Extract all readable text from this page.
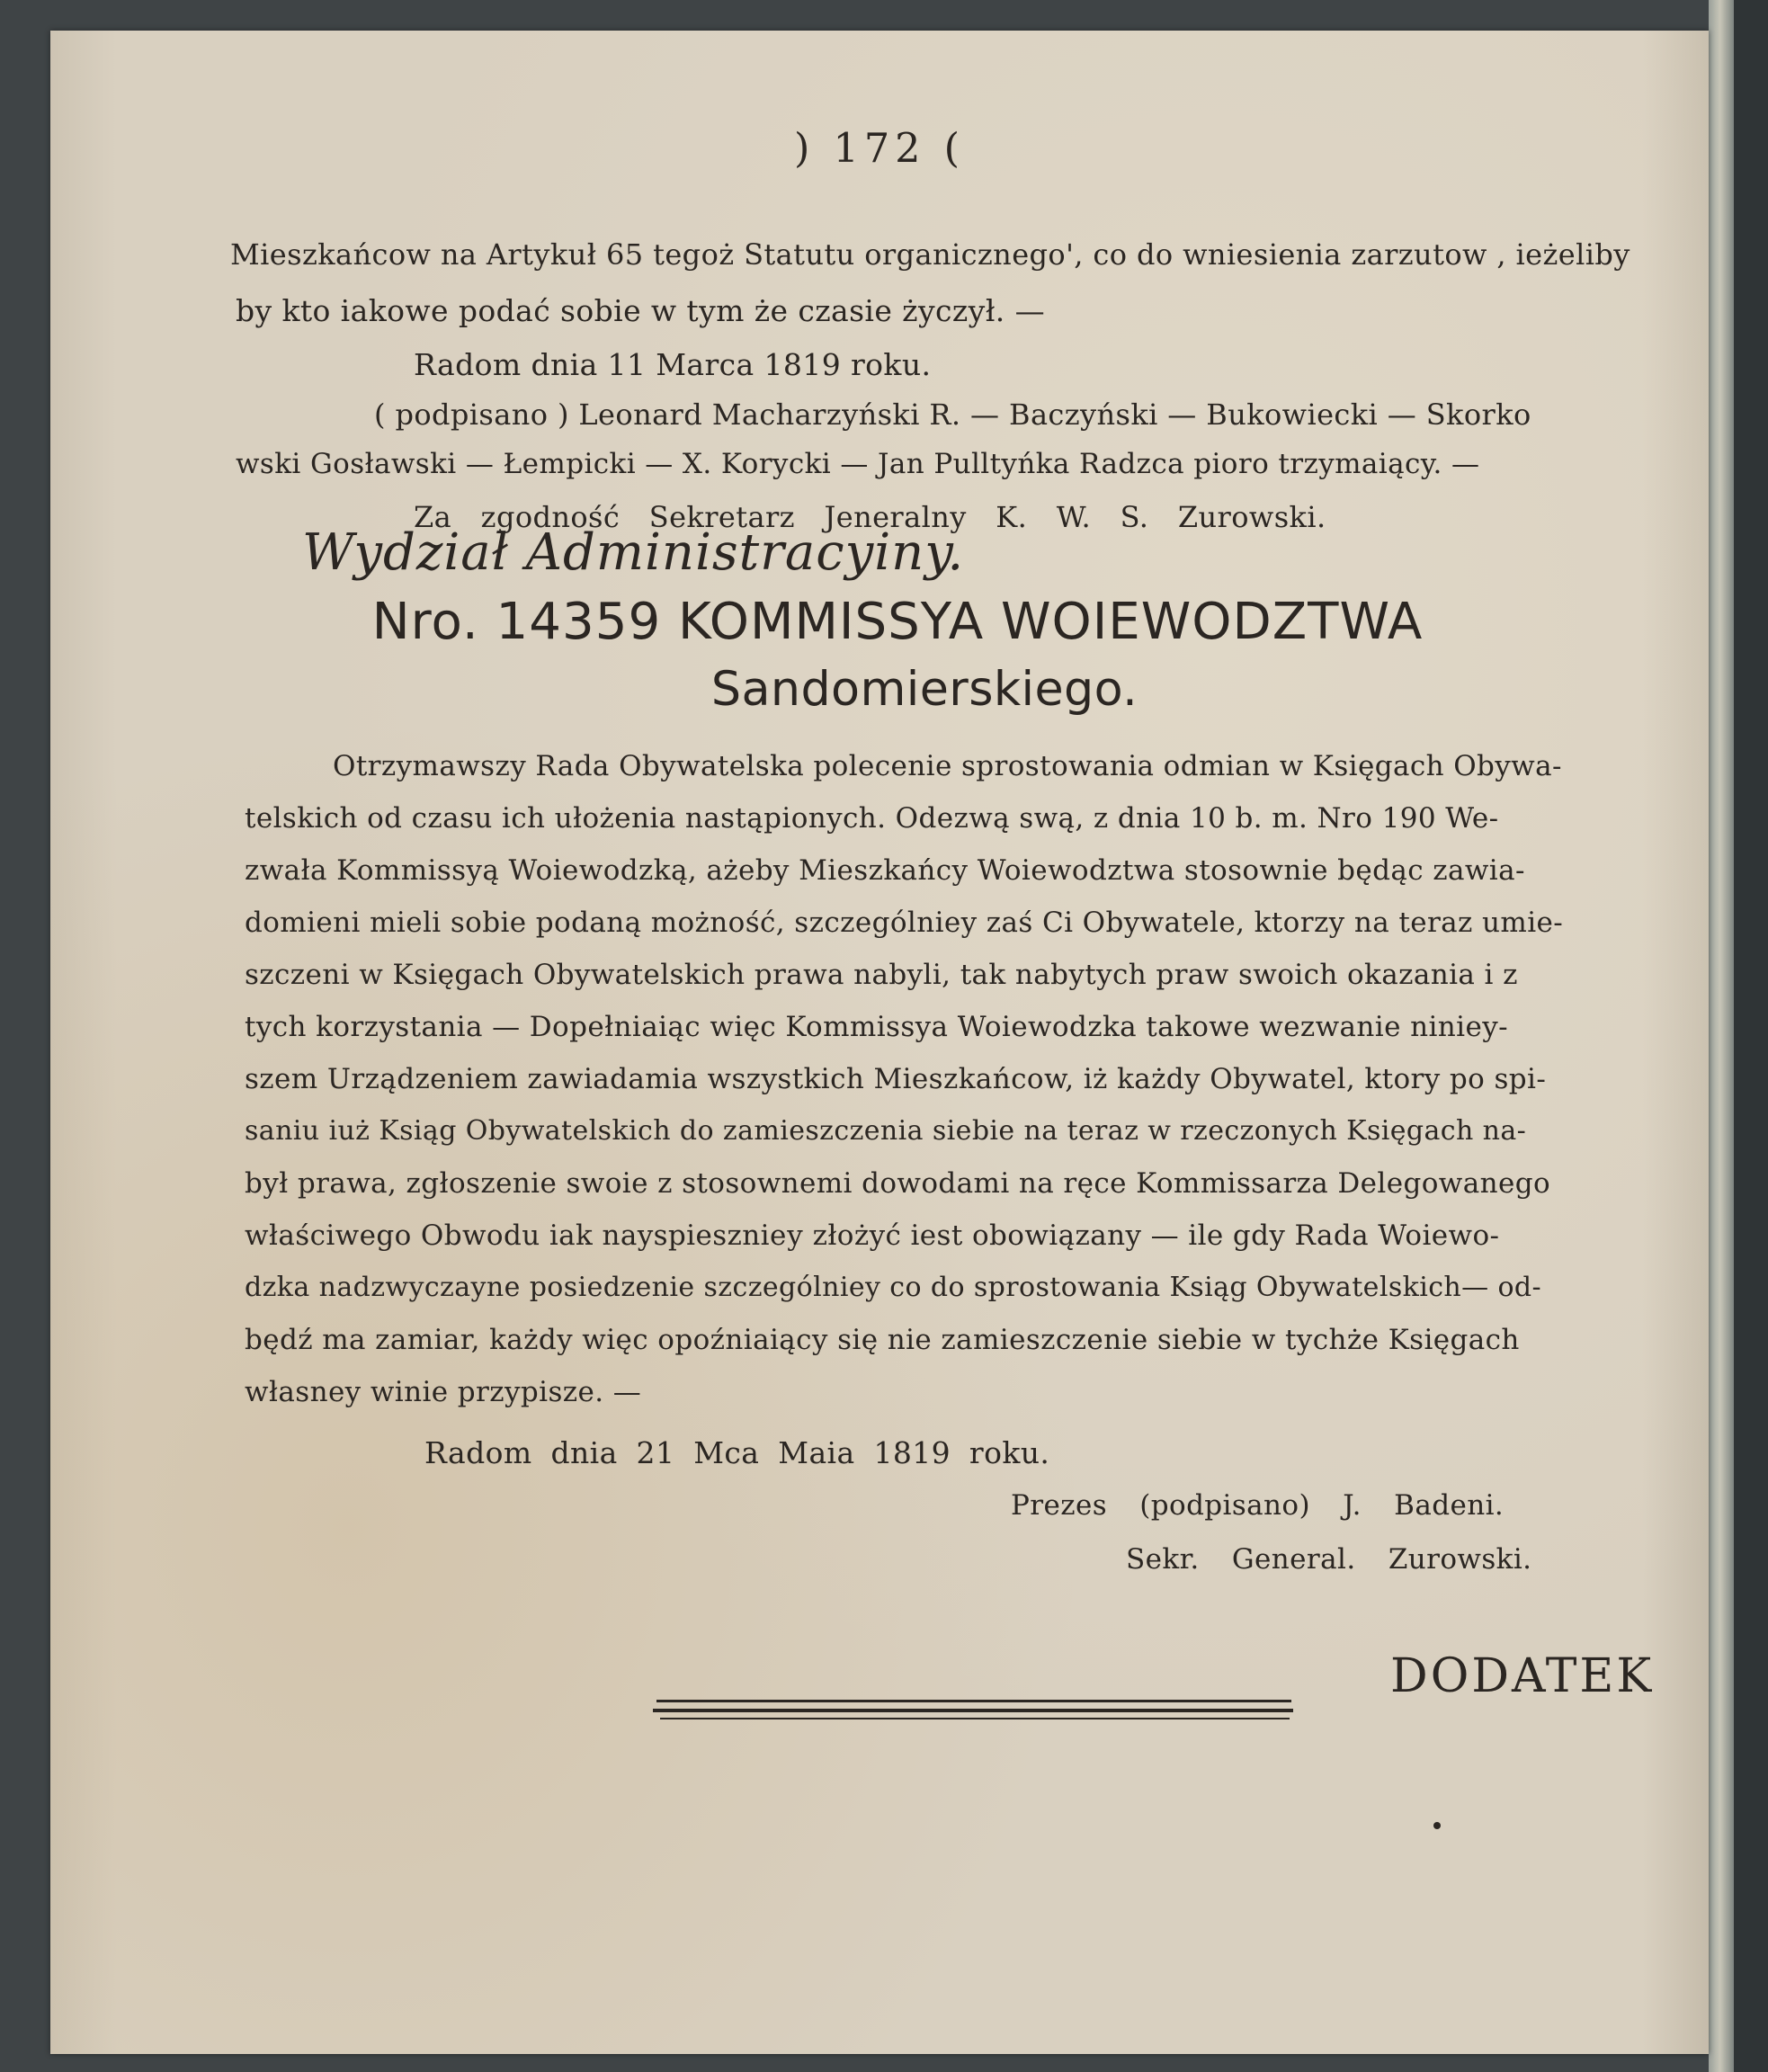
) 172 (
Mieszkańcow na Artykuł 65 tegoż Statutu organicznego', co do wniesienia zarzutow , ieżeliby
by kto iakowe podać sobie w tym że czasie życzył. —
Radom dnia 11 Marca 1819 roku.
( podpisano ) Leonard Macharzyński R. — Baczyński — Bukowiecki — Skorko
wski Gosławski — Łempicki — X. Korycki — Jan Pulltyńka Radzca pioro trzymaiący. —
Za zgodność Sekretarz Jeneralny K. W. S. Zurowski.
Wydział Administracyiny.
Nro. 14359 KOMMISSYA WOIEWODZTWA
Sandomierskiego.
Otrzymawszy Rada Obywatelska polecenie sprostowania odmian w Księgach Obywa-
telskich od czasu ich ułożenia nastąpionych. Odezwą swą, z dnia 10 b. m. Nro 190 We-
zwała Kommissyą Woiewodzką, ażeby Mieszkańcy Woiewodztwa stosownie będąc zawia-
domieni mieli sobie podaną możność, szczególniey zaś Ci Obywatele, ktorzy na teraz umie-
szczeni w Księgach Obywatelskich prawa nabyli, tak nabytych praw swoich okazania i z
tych korzystania — Dopełniaiąc więc Kommissya Woiewodzka takowe wezwanie niniey-
szem Urządzeniem zawiadamia wszystkich Mieszkańcow, iż każdy Obywatel, ktory po spi-
saniu iuż Ksiąg Obywatelskich do zamieszczenia siebie na teraz w rzeczonych Księgach na-
był prawa, zgłoszenie swoie z stosownemi dowodami na ręce Kommissarza Delegowanego
właściwego Obwodu iak nayspiesznieу złożyć iest obowiązany — ile gdy Rada Woiewo-
dzka nadzwyczayne posiedzenie szczególniey co do sprostowania Ksiąg Obywatelskich— od-
będź ma zamiar, każdy więc opoźniaiący się nie zamieszczenie siebie w tychże Księgach
własney winie przypisze. —
Radom dnia 21 Mca Maia 1819 roku.
Prezes (podpisano) J. Badeni.
Sekr. General. Zurowski.
DODATEK
